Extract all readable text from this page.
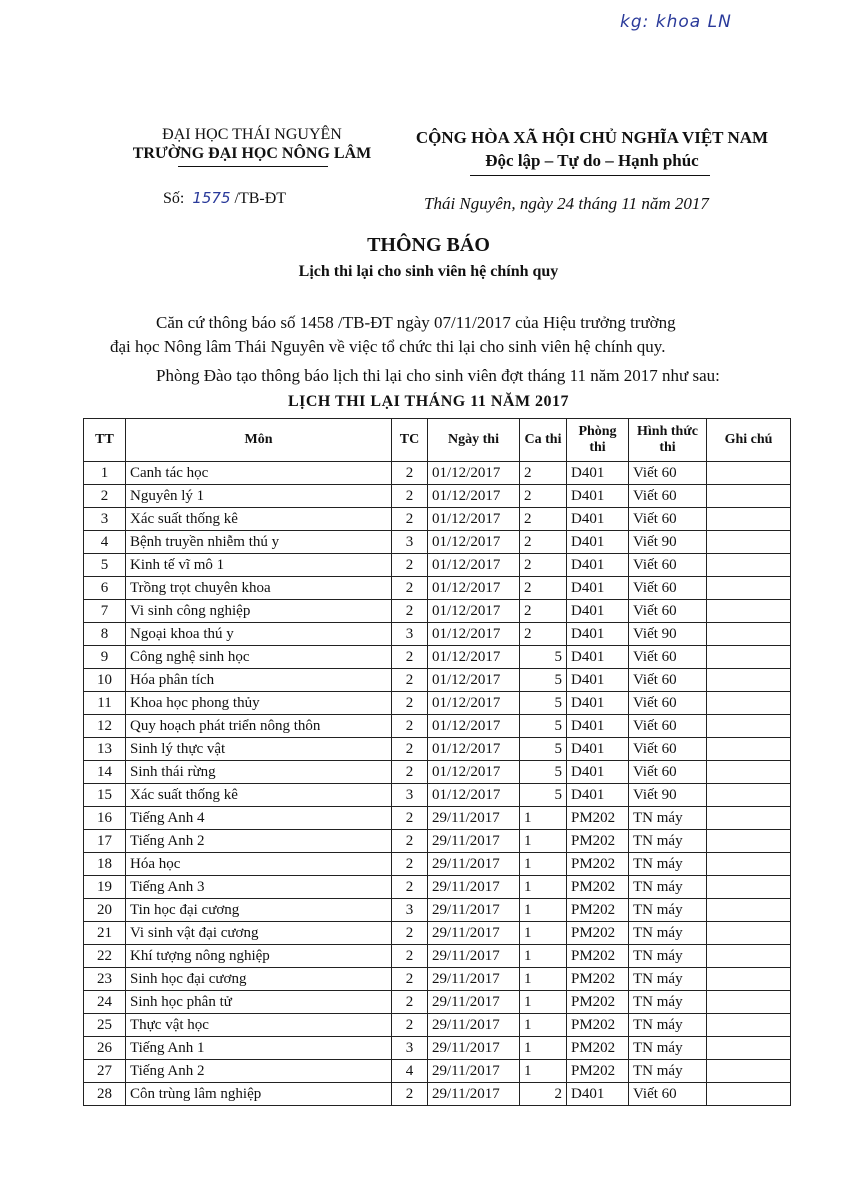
kg: khoa LN
ĐẠI HỌC THÁI NGUYÊN
TRƯỜNG ĐẠI HỌC NÔNG LÂM
CỘNG HÒA XÃ HỘI CHỦ NGHĨA VIỆT NAM
Độc lập – Tự do – Hạnh phúc
Số: 1575 /TB-ĐT	Thái Nguyên, ngày 24 tháng 11 năm 2017
THÔNG BÁO
Lịch thi lại cho sinh viên hệ chính quy
Căn cứ thông báo số 1458 /TB-ĐT ngày 07/11/2017 của Hiệu trưởng trường
đại học Nông lâm Thái Nguyên về việc tổ chức thi lại cho sinh viên hệ chính quy.
Phòng Đào tạo thông báo lịch thi lại cho sinh viên đợt tháng 11 năm 2017 như sau:
LỊCH THI LẠI THÁNG 11 NĂM 2017
TT	Môn	TC	Ngày thi	Ca thi	Phòng thi	Hình thức thi	Ghi chú
1	Canh tác học	2	01/12/2017	2	D401	Viết 60	
2	Nguyên lý 1	2	01/12/2017	2	D401	Viết 60	
3	Xác suất thống kê	2	01/12/2017	2	D401	Viết 60	
4	Bệnh truyền nhiễm thú y	3	01/12/2017	2	D401	Viết 90	
5	Kinh tế vĩ mô 1	2	01/12/2017	2	D401	Viết 60	
6	Trồng trọt chuyên khoa	2	01/12/2017	2	D401	Viết 60	
7	Vi sinh công nghiệp	2	01/12/2017	2	D401	Viết 60	
8	Ngoại khoa thú y	3	01/12/2017	2	D401	Viết 90	
9	Công nghệ sinh học	2	01/12/2017	5	D401	Viết 60	
10	Hóa phân tích	2	01/12/2017	5	D401	Viết 60	
11	Khoa học phong thủy	2	01/12/2017	5	D401	Viết 60	
12	Quy hoạch phát triển nông thôn	2	01/12/2017	5	D401	Viết 60	
13	Sinh lý thực vật	2	01/12/2017	5	D401	Viết 60	
14	Sinh thái rừng	2	01/12/2017	5	D401	Viết 60	
15	Xác suất thống kê	3	01/12/2017	5	D401	Viết 90	
16	Tiếng Anh 4	2	29/11/2017	1	PM202	TN máy	
17	Tiếng Anh 2	2	29/11/2017	1	PM202	TN máy	
18	Hóa học	2	29/11/2017	1	PM202	TN máy	
19	Tiếng Anh 3	2	29/11/2017	1	PM202	TN máy	
20	Tin học đại cương	3	29/11/2017	1	PM202	TN máy	
21	Vi sinh vật đại cương	2	29/11/2017	1	PM202	TN máy	
22	Khí tượng nông nghiệp	2	29/11/2017	1	PM202	TN máy	
23	Sinh học đại cương	2	29/11/2017	1	PM202	TN máy	
24	Sinh học phân tử	2	29/11/2017	1	PM202	TN máy	
25	Thực vật học	2	29/11/2017	1	PM202	TN máy	
26	Tiếng Anh 1	3	29/11/2017	1	PM202	TN máy	
27	Tiếng Anh 2	4	29/11/2017	1	PM202	TN máy	
28	Côn trùng lâm nghiệp	2	29/11/2017	2	D401	Viết 60	
